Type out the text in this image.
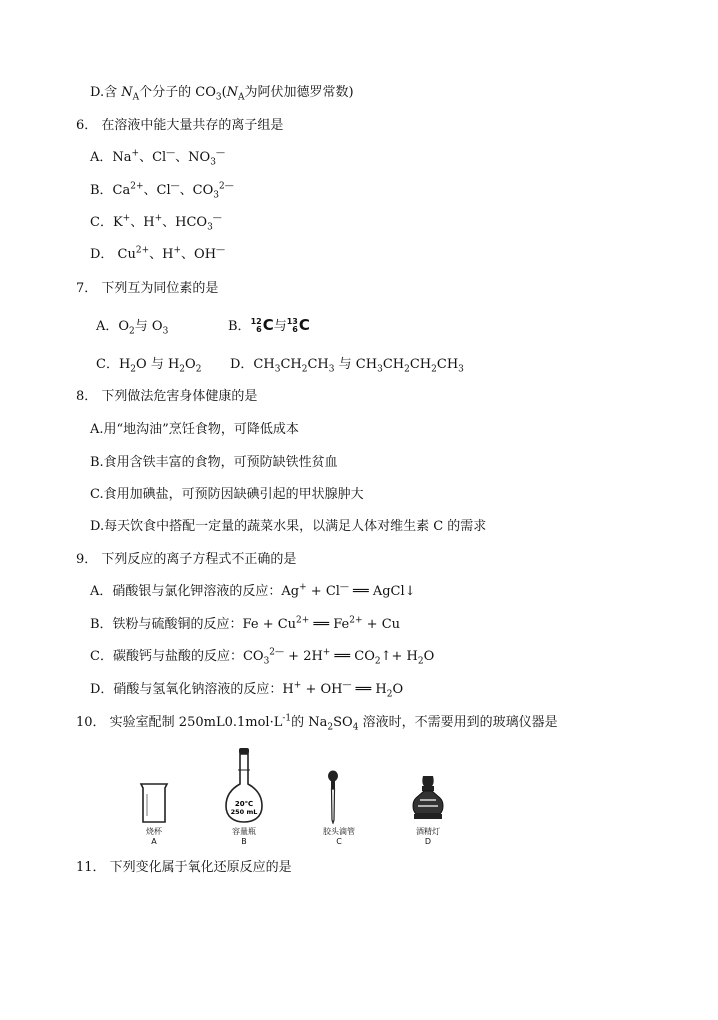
D.含 $N_A$个分子的 $CO_3(N_A$为阿伏加德罗常数)
6． 在溶液中能大量共存的离子组是
A．Na+、Cl—、$NO_3^—$
B．$Ca^{2+}$、Cl—、$CO_3^{2—}$
C．K+、H+、$HCO_3^—$
D． $Cu^{2+}$、H+、OH—
7． 下列互为同位素的是
A．$O_2$与 $O_3$	B．12
6C与13
6C
C．$H_2O$ 与 $H_2O_2$ D．$CH_3CH_2CH_3$ 与 $CH_3CH_2CH_2CH_3$
8． 下列做法危害身体健康的是
A.用“地沟油”烹饪食物，可降低成本
B.食用含铁丰富的食物，可预防缺铁性贫血
C.食用加碘盐，可预防因缺碘引起的甲状腺肿大
D.每天饮食中搭配一定量的蔬菜水果，以满足人体对维生素 C 的需求
9． 下列反应的离子方程式不正确的是
A．硝酸银与氯化钾溶液的反应：Ag+ + Cl— ══ AgCl↓
B．铁粉与硫酸铜的反应：$Fe + Cu^{2+}$ ══ $Fe^{2+} + Cu$
C．碳酸钙与盐酸的反应：$CO_3^{2—} + 2H^+$ ══ $CO_2↑+ H_2O$
D．硝酸与氢氧化钠溶液的反应：H+ + OH— ══ $H_2O$
10． 实验室配制 $250mL0.1mol\cdot L^{-1}$的 $Na_2SO_4$ 溶液时，不需要用到的玻璃仪器是
烧杯
A
20℃
250 mL
容量瓶
B
胶头滴管
C
酒精灯
D
11． 下列变化属于氧化还原反应的是
